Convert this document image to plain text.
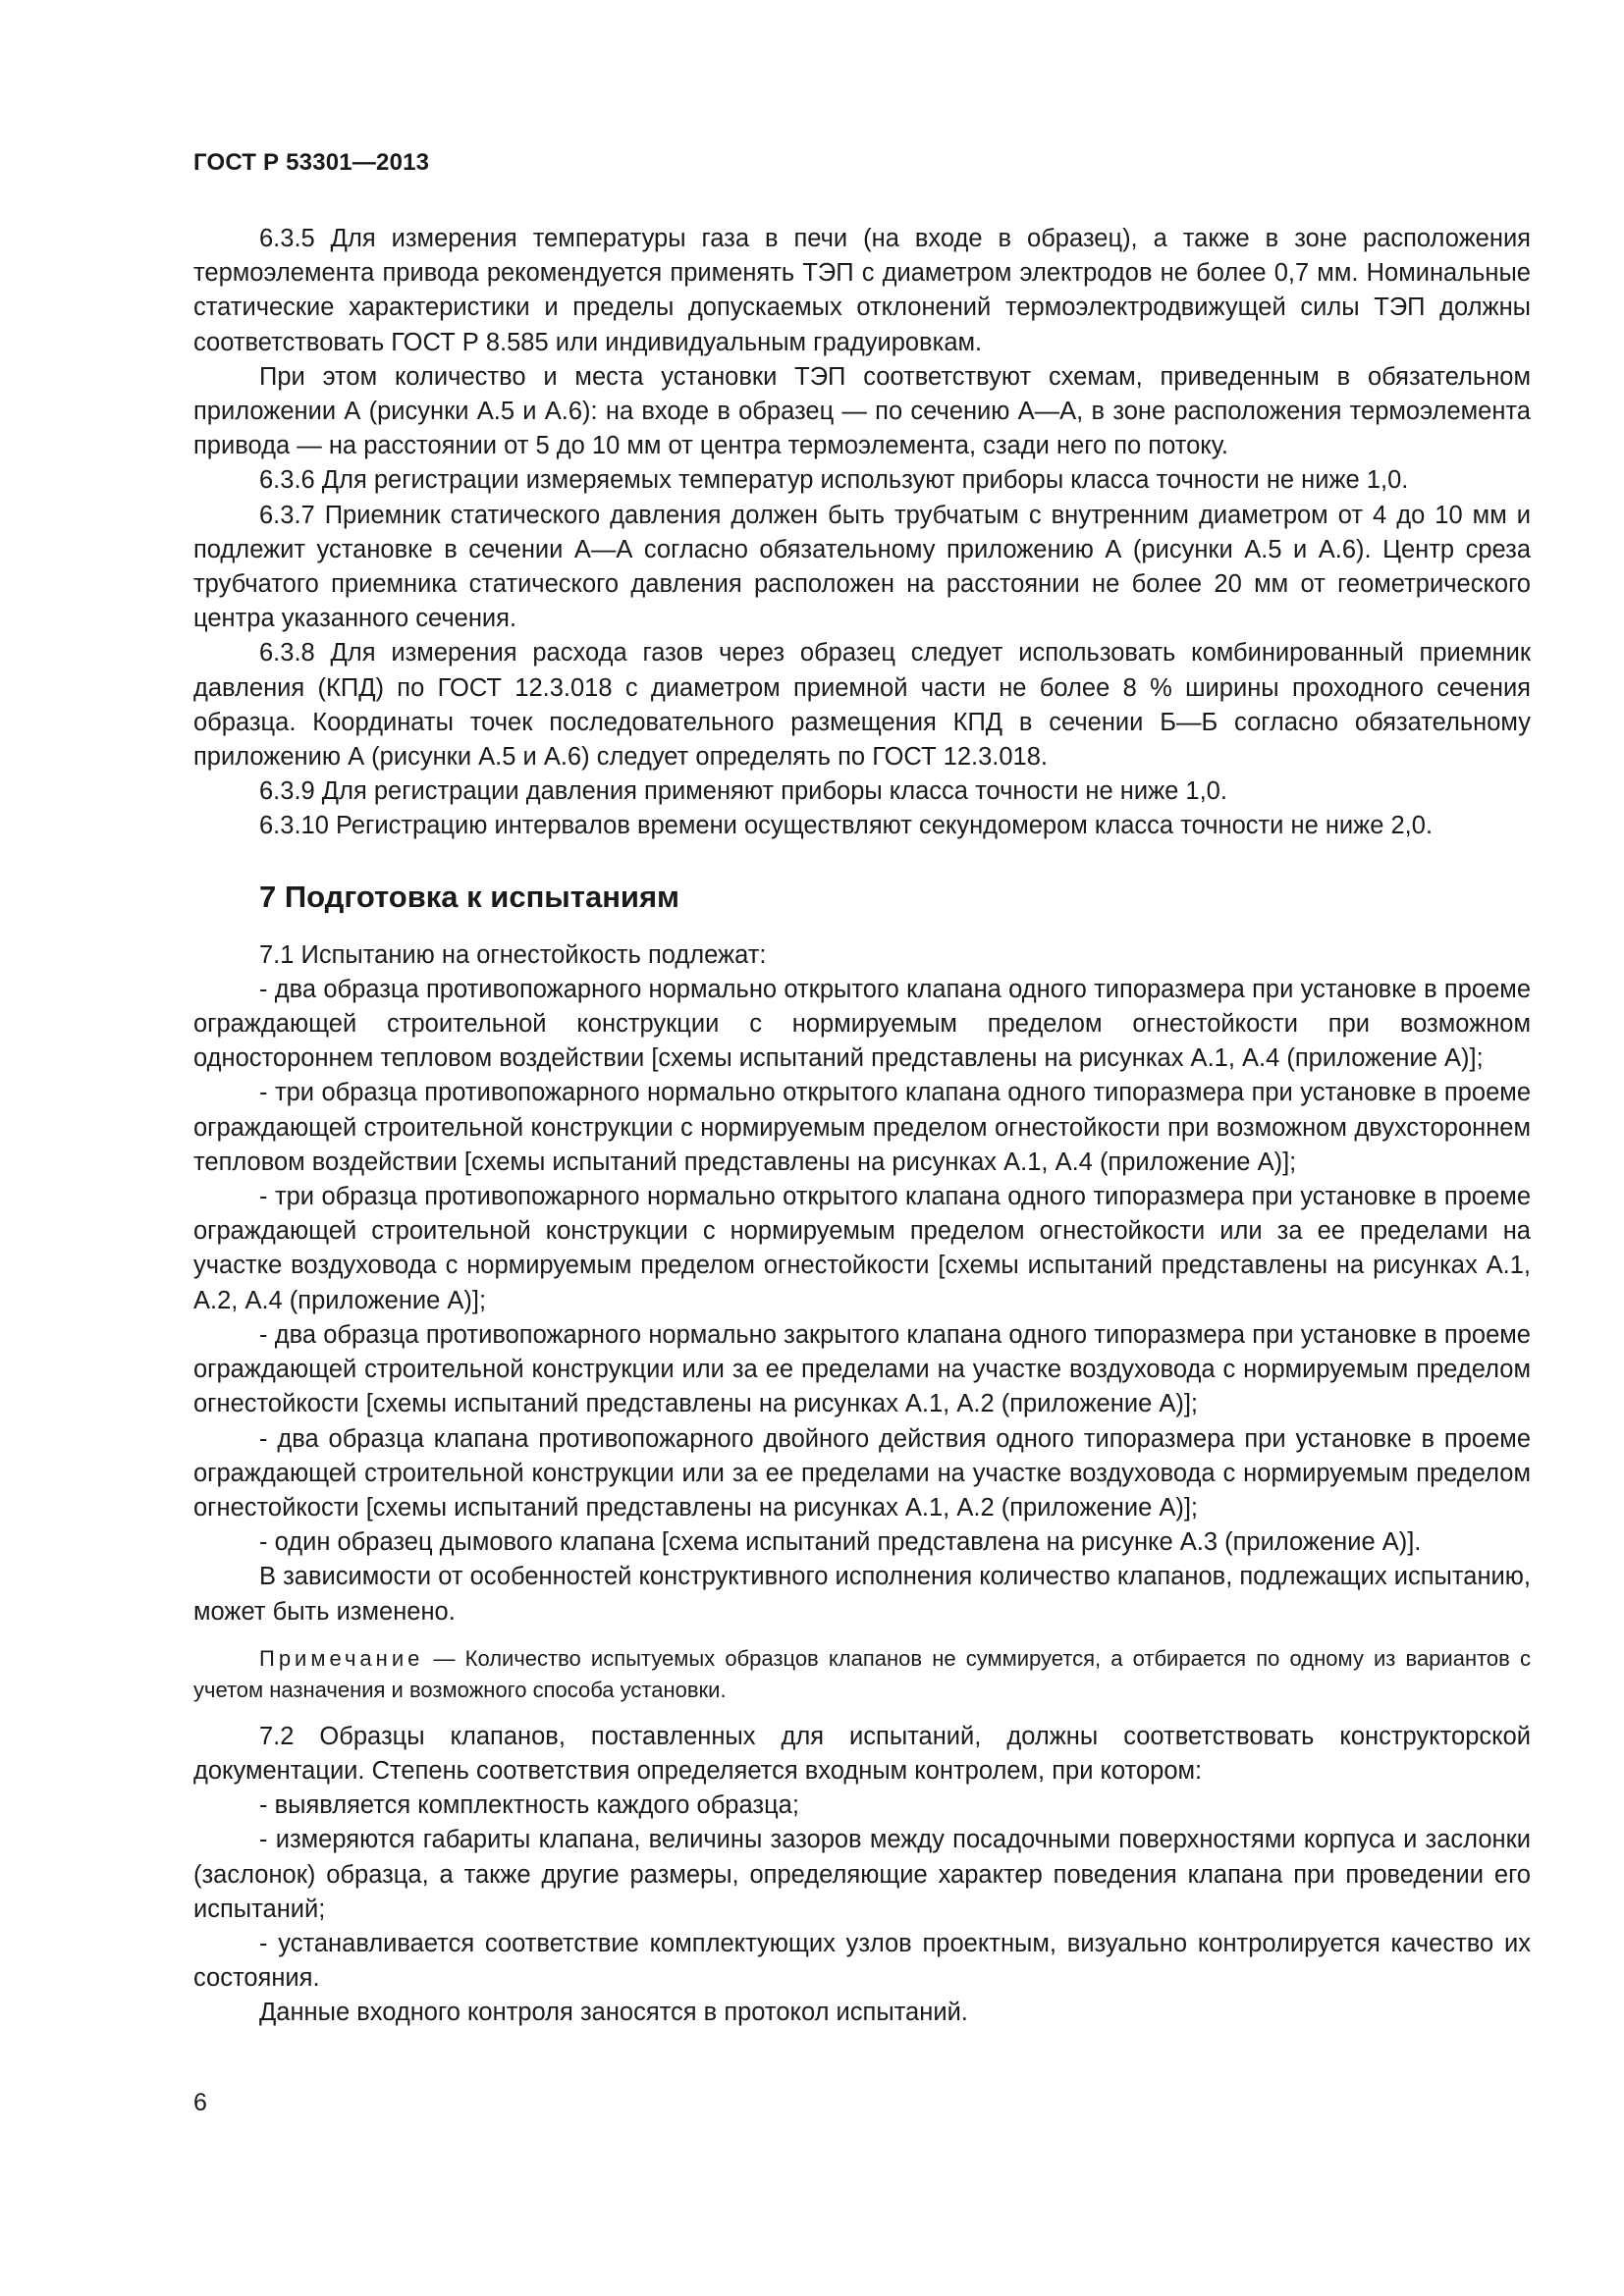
ГОСТ Р 53301—2013

6.3.5 Для измерения температуры газа в печи (на входе в образец), а также в зоне расположения термоэлемента привода рекомендуется применять ТЭП с диаметром электродов не более 0,7 мм. Номинальные статические характеристики и пределы допускаемых отклонений термоэлектродвижущей силы ТЭП должны соответствовать ГОСТ Р 8.585 или индивидуальным градуировкам.

При этом количество и места установки ТЭП соответствуют схемам, приведенным в обязательном приложении А (рисунки А.5 и А.6): на входе в образец — по сечению А—А, в зоне расположения термоэлемента привода — на расстоянии от 5 до 10 мм от центра термоэлемента, сзади него по потоку.

6.3.6 Для регистрации измеряемых температур используют приборы класса точности не ниже 1,0.

6.3.7 Приемник статического давления должен быть трубчатым с внутренним диаметром от 4 до 10 мм и подлежит установке в сечении А—А согласно обязательному приложению А (рисунки А.5 и А.6). Центр среза трубчатого приемника статического давления расположен на расстоянии не более 20 мм от геометрического центра указанного сечения.

6.3.8 Для измерения расхода газов через образец следует использовать комбинированный приемник давления (КПД) по ГОСТ 12.3.018 с диаметром приемной части не более 8 % ширины проходного сечения образца. Координаты точек последовательного размещения КПД в сечении Б—Б согласно обязательному приложению А (рисунки А.5 и А.6) следует определять по ГОСТ 12.3.018.

6.3.9 Для регистрации давления применяют приборы класса точности не ниже 1,0.

6.3.10 Регистрацию интервалов времени осуществляют секундомером класса точности не ниже 2,0.

7 Подготовка к испытаниям

7.1 Испытанию на огнестойкость подлежат:

- два образца противопожарного нормально открытого клапана одного типоразмера при установке в проеме ограждающей строительной конструкции с нормируемым пределом огнестойкости при возможном одностороннем тепловом воздействии [схемы испытаний представлены на рисунках А.1, А.4 (приложение А)];

- три образца противопожарного нормально открытого клапана одного типоразмера при установке в проеме ограждающей строительной конструкции с нормируемым пределом огнестойкости при возможном двухстороннем тепловом воздействии [схемы испытаний представлены на рисунках А.1, А.4 (приложение А)];

- три образца противопожарного нормально открытого клапана одного типоразмера при установке в проеме ограждающей строительной конструкции с нормируемым пределом огнестойкости или за ее пределами на участке воздуховода с нормируемым пределом огнестойкости [схемы испытаний представлены на рисунках А.1, А.2, А.4 (приложение А)];

- два образца противопожарного нормально закрытого клапана одного типоразмера при установке в проеме ограждающей строительной конструкции или за ее пределами на участке воздуховода с нормируемым пределом огнестойкости [схемы испытаний представлены на рисунках А.1, А.2 (приложение А)];

- два образца клапана противопожарного двойного действия одного типоразмера при установке в проеме ограждающей строительной конструкции или за ее пределами на участке воздуховода с нормируемым пределом огнестойкости [схемы испытаний представлены на рисунках А.1, А.2 (приложение А)];

- один образец дымового клапана [схема испытаний представлена на рисунке А.3 (приложение А)].

В зависимости от особенностей конструктивного исполнения количество клапанов, подлежащих испытанию, может быть изменено.

Примечание — Количество испытуемых образцов клапанов не суммируется, а отбирается по одному из вариантов с учетом назначения и возможного способа установки.

7.2 Образцы клапанов, поставленных для испытаний, должны соответствовать конструкторской документации. Степень соответствия определяется входным контролем, при котором:

- выявляется комплектность каждого образца;

- измеряются габариты клапана, величины зазоров между посадочными поверхностями корпуса и заслонки (заслонок) образца, а также другие размеры, определяющие характер поведения клапана при проведении его испытаний;

- устанавливается соответствие комплектующих узлов проектным, визуально контролируется качество их состояния.

Данные входного контроля заносятся в протокол испытаний.

6
